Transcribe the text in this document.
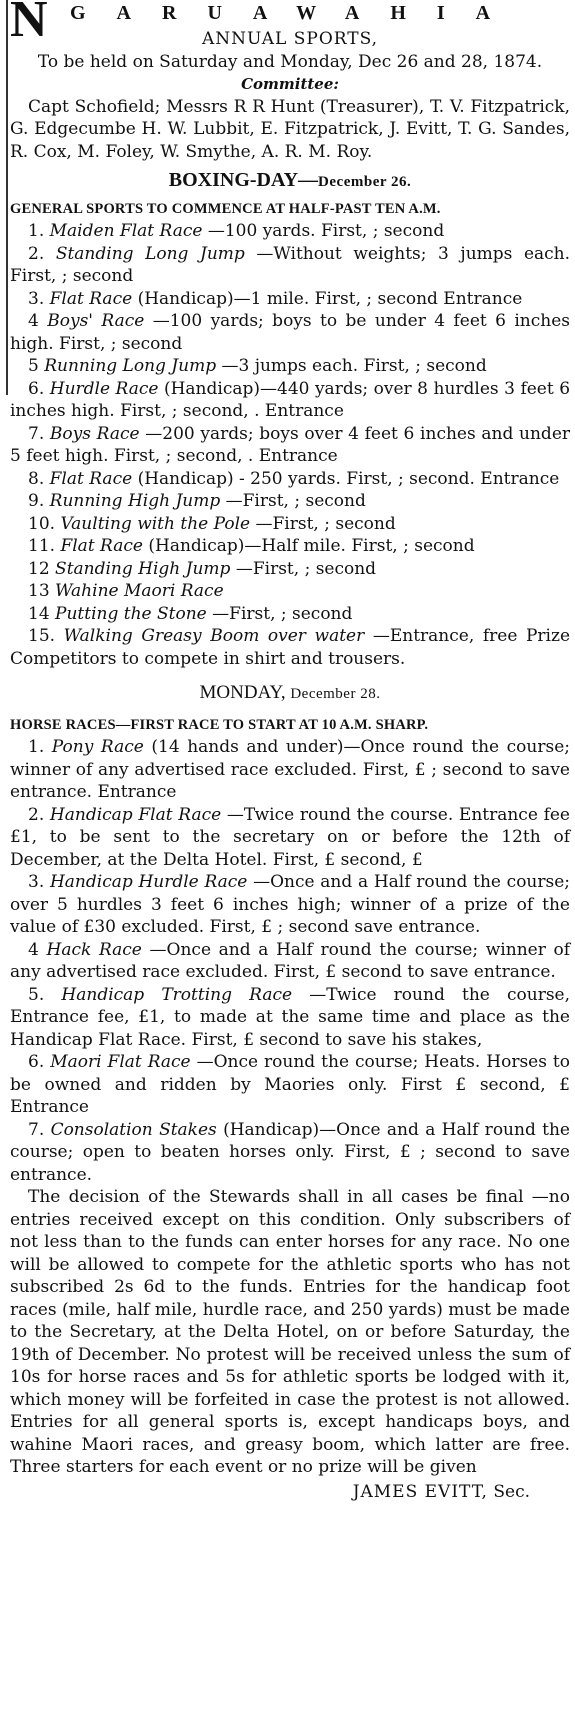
N GARUAWAHIA

ANNUAL SPORTS,

To be held on Saturday and Monday, Dec 26 and 28, 1874.

Committee:

Capt Schofield; Messrs R R Hunt (Treasurer), T. V. Fitzpatrick, G. Edgecumbe H. W. Lubbit, E. Fitzpatrick, J. Evitt, T. G. Sandes, R. Cox, M. Foley, W. Smythe, A. R. M. Roy.

BOXING-DAY—December 26.

GENERAL SPORTS TO COMMENCE AT HALF-PAST TEN A.M.

1. Maiden Flat Race —100 yards. First, ; second

2. Standing Long Jump —Without weights; 3 jumps each. First, ; second

3. Flat Race (Handicap)—1 mile. First, ; second Entrance

4 Boys' Race —100 yards; boys to be under 4 feet 6 inches high. First, ; second

5 Running Long Jump —3 jumps each. First, ; second

6. Hurdle Race (Handicap)—440 yards; over 8 hurdles 3 feet 6 inches high. First, ; second, . Entrance

7. Boys Race —200 yards; boys over 4 feet 6 inches and under 5 feet high. First, ; second, . Entrance

8. Flat Race (Handicap) - 250 yards. First, ; second. Entrance

9. Running High Jump —First, ; second

10. Vaulting with the Pole —First, ; second

11. Flat Race (Handicap)—Half mile. First, ; second

12 Standing High Jump —First, ; second

13 Wahine Maori Race

14 Putting the Stone —First, ; second

15. Walking Greasy Boom over water —Entrance, free Prize Competitors to compete in shirt and trousers.

MONDAY, December 28.

HORSE RACES—FIRST RACE TO START AT 10 A.M. SHARP.

1. Pony Race (14 hands and under)—Once round the course; winner of any advertised race excluded. First, £ ; second to save entrance. Entrance

2. Handicap Flat Race —Twice round the course. Entrance fee £1, to be sent to the secretary on or before the 12th of December, at the Delta Hotel. First, £ second, £

3. Handicap Hurdle Race —Once and a Half round the course; over 5 hurdles 3 feet 6 inches high; winner of a prize of the value of £30 excluded. First, £ ; second save entrance.

4 Hack Race —Once and a Half round the course; winner of any advertised race excluded. First, £ second to save entrance.

5. Handicap Trotting Race —Twice round the course, Entrance fee, £1, to made at the same time and place as the Handicap Flat Race. First, £ second to save his stakes,

6. Maori Flat Race —Once round the course; Heats. Horses to be owned and ridden by Maories only. First £ second, £ Entrance

7. Consolation Stakes (Handicap)—Once and a Half round the course; open to beaten horses only. First, £ ; second to save entrance.

The decision of the Stewards shall in all cases be final —no entries received except on this condition. Only subscribers of not less than to the funds can enter horses for any race. No one will be allowed to compete for the athletic sports who has not subscribed 2s 6d to the funds. Entries for the handicap foot races (mile, half mile, hurdle race, and 250 yards) must be made to the Secretary, at the Delta Hotel, on or before Saturday, the 19th of December. No protest will be received unless the sum of 10s for horse races and 5s for athletic sports be lodged with it, which money will be forfeited in case the protest is not allowed. Entries for all general sports is, except handicaps boys, and wahine Maori races, and greasy boom, which latter are free. Three starters for each event or no prize will be given

JAMES EVITT, Sec.
